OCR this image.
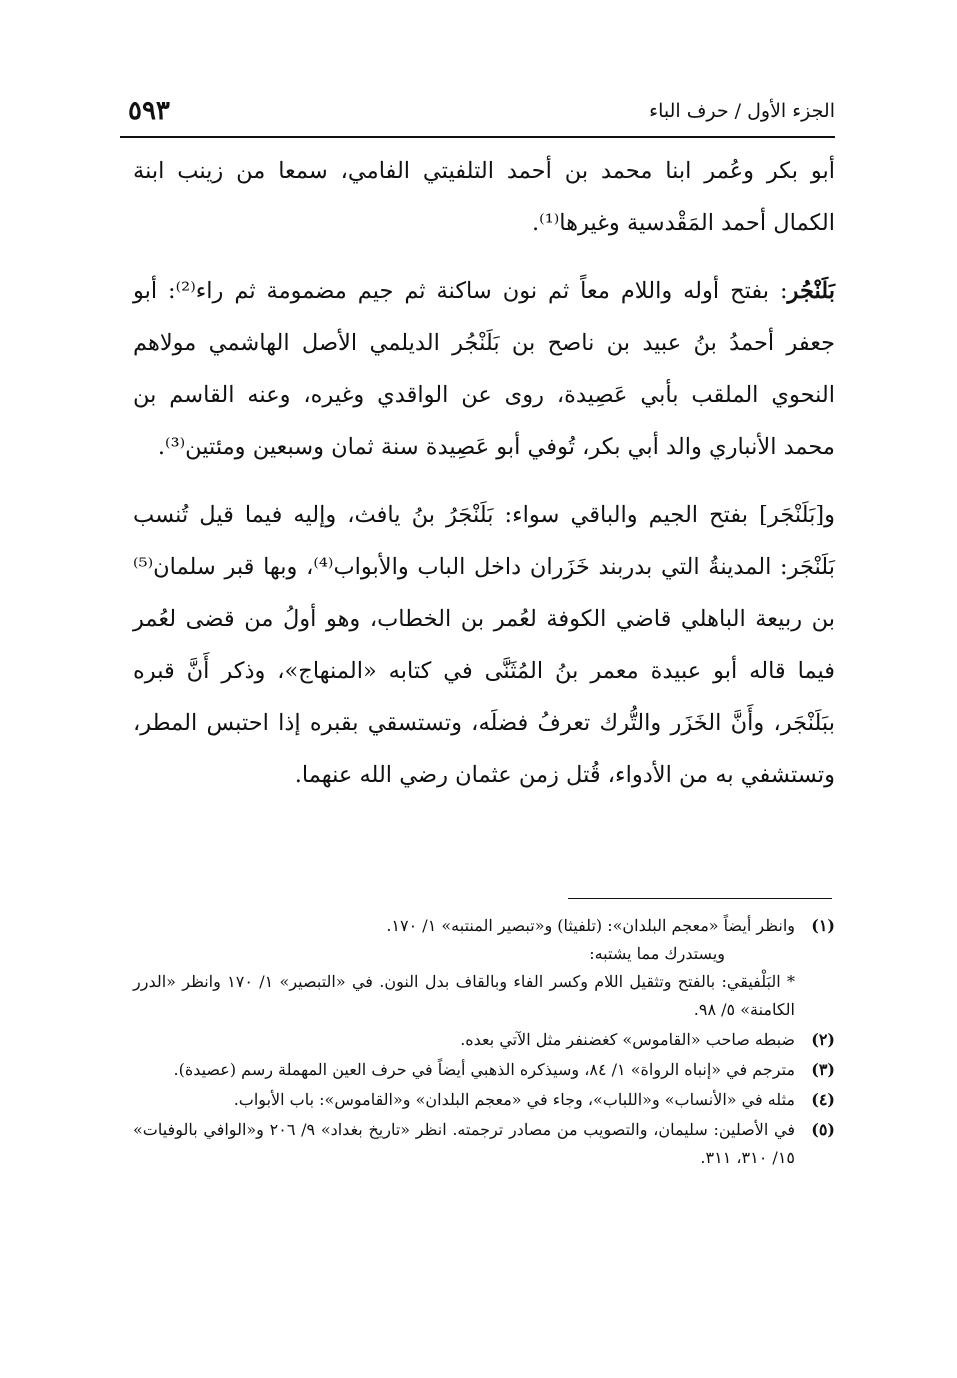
الجزء الأول / حرف الباء
٥٩٣

أبو بكر وعُمر ابنا محمد بن أحمد التلفيتي الفامي، سمعا من زينب ابنة الكمال أحمد المَقْدسية وغيرها⁽¹⁾.

بَلَنْجُر: بفتح أوله واللام معاً ثم نون ساكنة ثم جيم مضمومة ثم راء⁽²⁾: أبو جعفر أحمدُ بنُ عبيد بن ناصح بن بَلَنْجُر الديلمي الأصل الهاشمي مولاهم النحوي الملقب بأبي عَصِيدة، روى عن الواقدي وغيره، وعنه القاسم بن محمد الأنباري والد أبي بكر، تُوفي أبو عَصِيدة سنة ثمان وسبعين ومئتين⁽³⁾.

و[بَلَنْجَر] بفتح الجيم والباقي سواء: بَلَنْجَرُ بنُ يافث، وإليه فيما قيل تُنسب بَلَنْجَر: المدينةُ التي بدربند خَزَران داخل الباب والأبواب⁽⁴⁾، وبها قبر سلمان⁽⁵⁾ بن ربيعة الباهلي قاضي الكوفة لعُمر بن الخطاب، وهو أولُ من قضى لعُمر فيما قاله أبو عبيدة معمر بنُ المُثَنَّى في كتابه «المنهاج»، وذكر أَنَّ قبره ببَلَنْجَر، وأَنَّ الخَزَر والتُّرك تعرفُ فضلَه، وتستسقي بقبره إذا احتبس المطر، وتستشفي به من الأدواء، قُتل زمن عثمان رضي الله عنهما.

(١)
وانظر أيضاً «معجم البلدان»: (تلفيثا) و«تبصير المنتبه» ١/ ١٧٠.
ويستدرك مما يشتبه:
* البَلْفيقي: بالفتح وتثقيل اللام وكسر الفاء وبالقاف بدل النون. في «التبصير» ١/ ١٧٠ وانظر «الدرر الكامنة» ٥/ ٩٨.
(٢)
ضبطه صاحب «القاموس» كغضنفر مثل الآتي بعده.
(٣)
مترجم في «إنباه الرواة» ١/ ٨٤، وسيذكره الذهبي أيضاً في حرف العين المهملة رسم (عصيدة).
(٤)
مثله في «الأنساب» و«اللباب»، وجاء في «معجم البلدان» و«القاموس»: باب الأبواب.
(٥)
في الأصلين: سليمان، والتصويب من مصادر ترجمته. انظر «تاريخ بغداد» ٩/ ٢٠٦ و«الوافي بالوفيات» ١٥/ ٣١٠، ٣١١.
